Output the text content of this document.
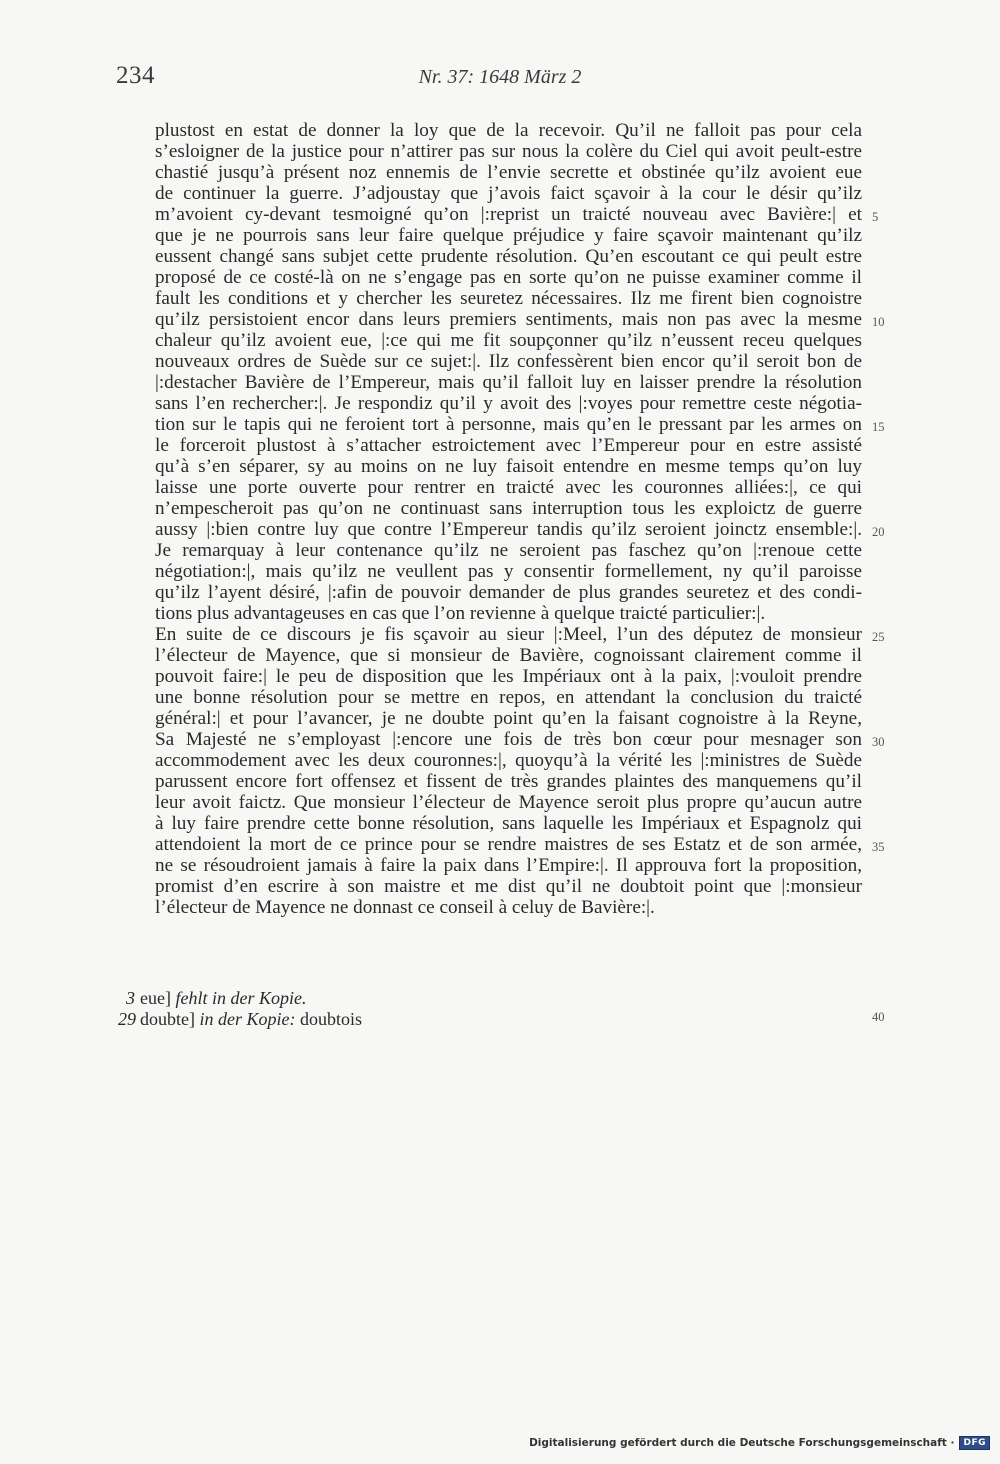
234	Nr. 37: 1648 März 2
plustost en estat de donner la loy que de la recevoir. Qu’il ne falloit pas pour cela
s’esloigner de la justice pour n’attirer pas sur nous la colère du Ciel qui avoit peult-estre
chastié jusqu’à présent noz ennemis de l’envie secrette et obstinée qu’ilz avoient eue
de continuer la guerre. J’adjoustay que j’avois faict sçavoir à la cour le désir qu’ilz
m’avoient cy-devant tesmoigné qu’on |:reprist un traicté nouveau avec Bavière:| et
que je ne pourrois sans leur faire quelque préjudice y faire sçavoir maintenant qu’ilz
eussent changé sans subjet cette prudente résolution. Qu’en escoutant ce qui peult estre
proposé de ce costé-là on ne s’engage pas en sorte qu’on ne puisse examiner comme il
fault les conditions et y chercher les seuretez nécessaires. Ilz me firent bien cognoistre
qu’ilz persistoient encor dans leurs premiers sentiments, mais non pas avec la mesme
chaleur qu’ilz avoient eue, |:ce qui me fit soupçonner qu’ilz n’eussent receu quelques
nouveaux ordres de Suède sur ce sujet:|. Ilz confessèrent bien encor qu’il seroit bon de
|:destacher Bavière de l’Empereur, mais qu’il falloit luy en laisser prendre la résolution
sans l’en rechercher:|. Je respondiz qu’il y avoit des |:voyes pour remettre ceste négotia-
tion sur le tapis qui ne feroient tort à personne, mais qu’en le pressant par les armes on
le forceroit plustost à s’attacher estroictement avec l’Empereur pour en estre assisté
qu’à s’en séparer, sy au moins on ne luy faisoit entendre en mesme temps qu’on luy
laisse une porte ouverte pour rentrer en traicté avec les couronnes alliées:|, ce qui
n’empescheroit pas qu’on ne continuast sans interruption tous les exploictz de guerre
aussy |:bien contre luy que contre l’Empereur tandis qu’ilz seroient joinctz ensemble:|.
Je remarquay à leur contenance qu’ilz ne seroient pas faschez qu’on |:renoue cette
négotiation:|, mais qu’ilz ne veullent pas y consentir formellement, ny qu’il paroisse
qu’ilz l’ayent désiré, |:afin de pouvoir demander de plus grandes seuretez et des condi-
tions plus advantageuses en cas que l’on revienne à quelque traicté particulier:|.
En suite de ce discours je fis sçavoir au sieur |:Meel, l’un des députez de monsieur
l’électeur de Mayence, que si monsieur de Bavière, cognoissant clairement comme il
pouvoit faire:| le peu de disposition que les Impériaux ont à la paix, |:vouloit prendre
une bonne résolution pour se mettre en repos, en attendant la conclusion du traicté
général:| et pour l’avancer, je ne doubte point qu’en la faisant cognoistre à la Reyne,
Sa Majesté ne s’employast |:encore une fois de très bon cœur pour mesnager son
accommodement avec les deux couronnes:|, quoyqu’à la vérité les |:ministres de Suède
parussent encore fort offensez et fissent de très grandes plaintes des manquemens qu’il
leur avoit faictz. Que monsieur l’électeur de Mayence seroit plus propre qu’aucun autre
à luy faire prendre cette bonne résolution, sans laquelle les Impériaux et Espagnolz qui
attendoient la mort de ce prince pour se rendre maistres de ses Estatz et de son armée,
ne se résoudroient jamais à faire la paix dans l’Empire:|. Il approuva fort la proposition,
promist d’en escrire à son maistre et me dist qu’il ne doubtoit point que |:monsieur
l’électeur de Mayence ne donnast ce conseil à celuy de Bavière:|.
5
10
15
20
25
30
35
40
3 eue] fehlt in der Kopie.
29 doubte] in der Kopie: doubtois
Digitalisierung gefördert durch die Deutsche Forschungsgemeinschaft ·	DFG
